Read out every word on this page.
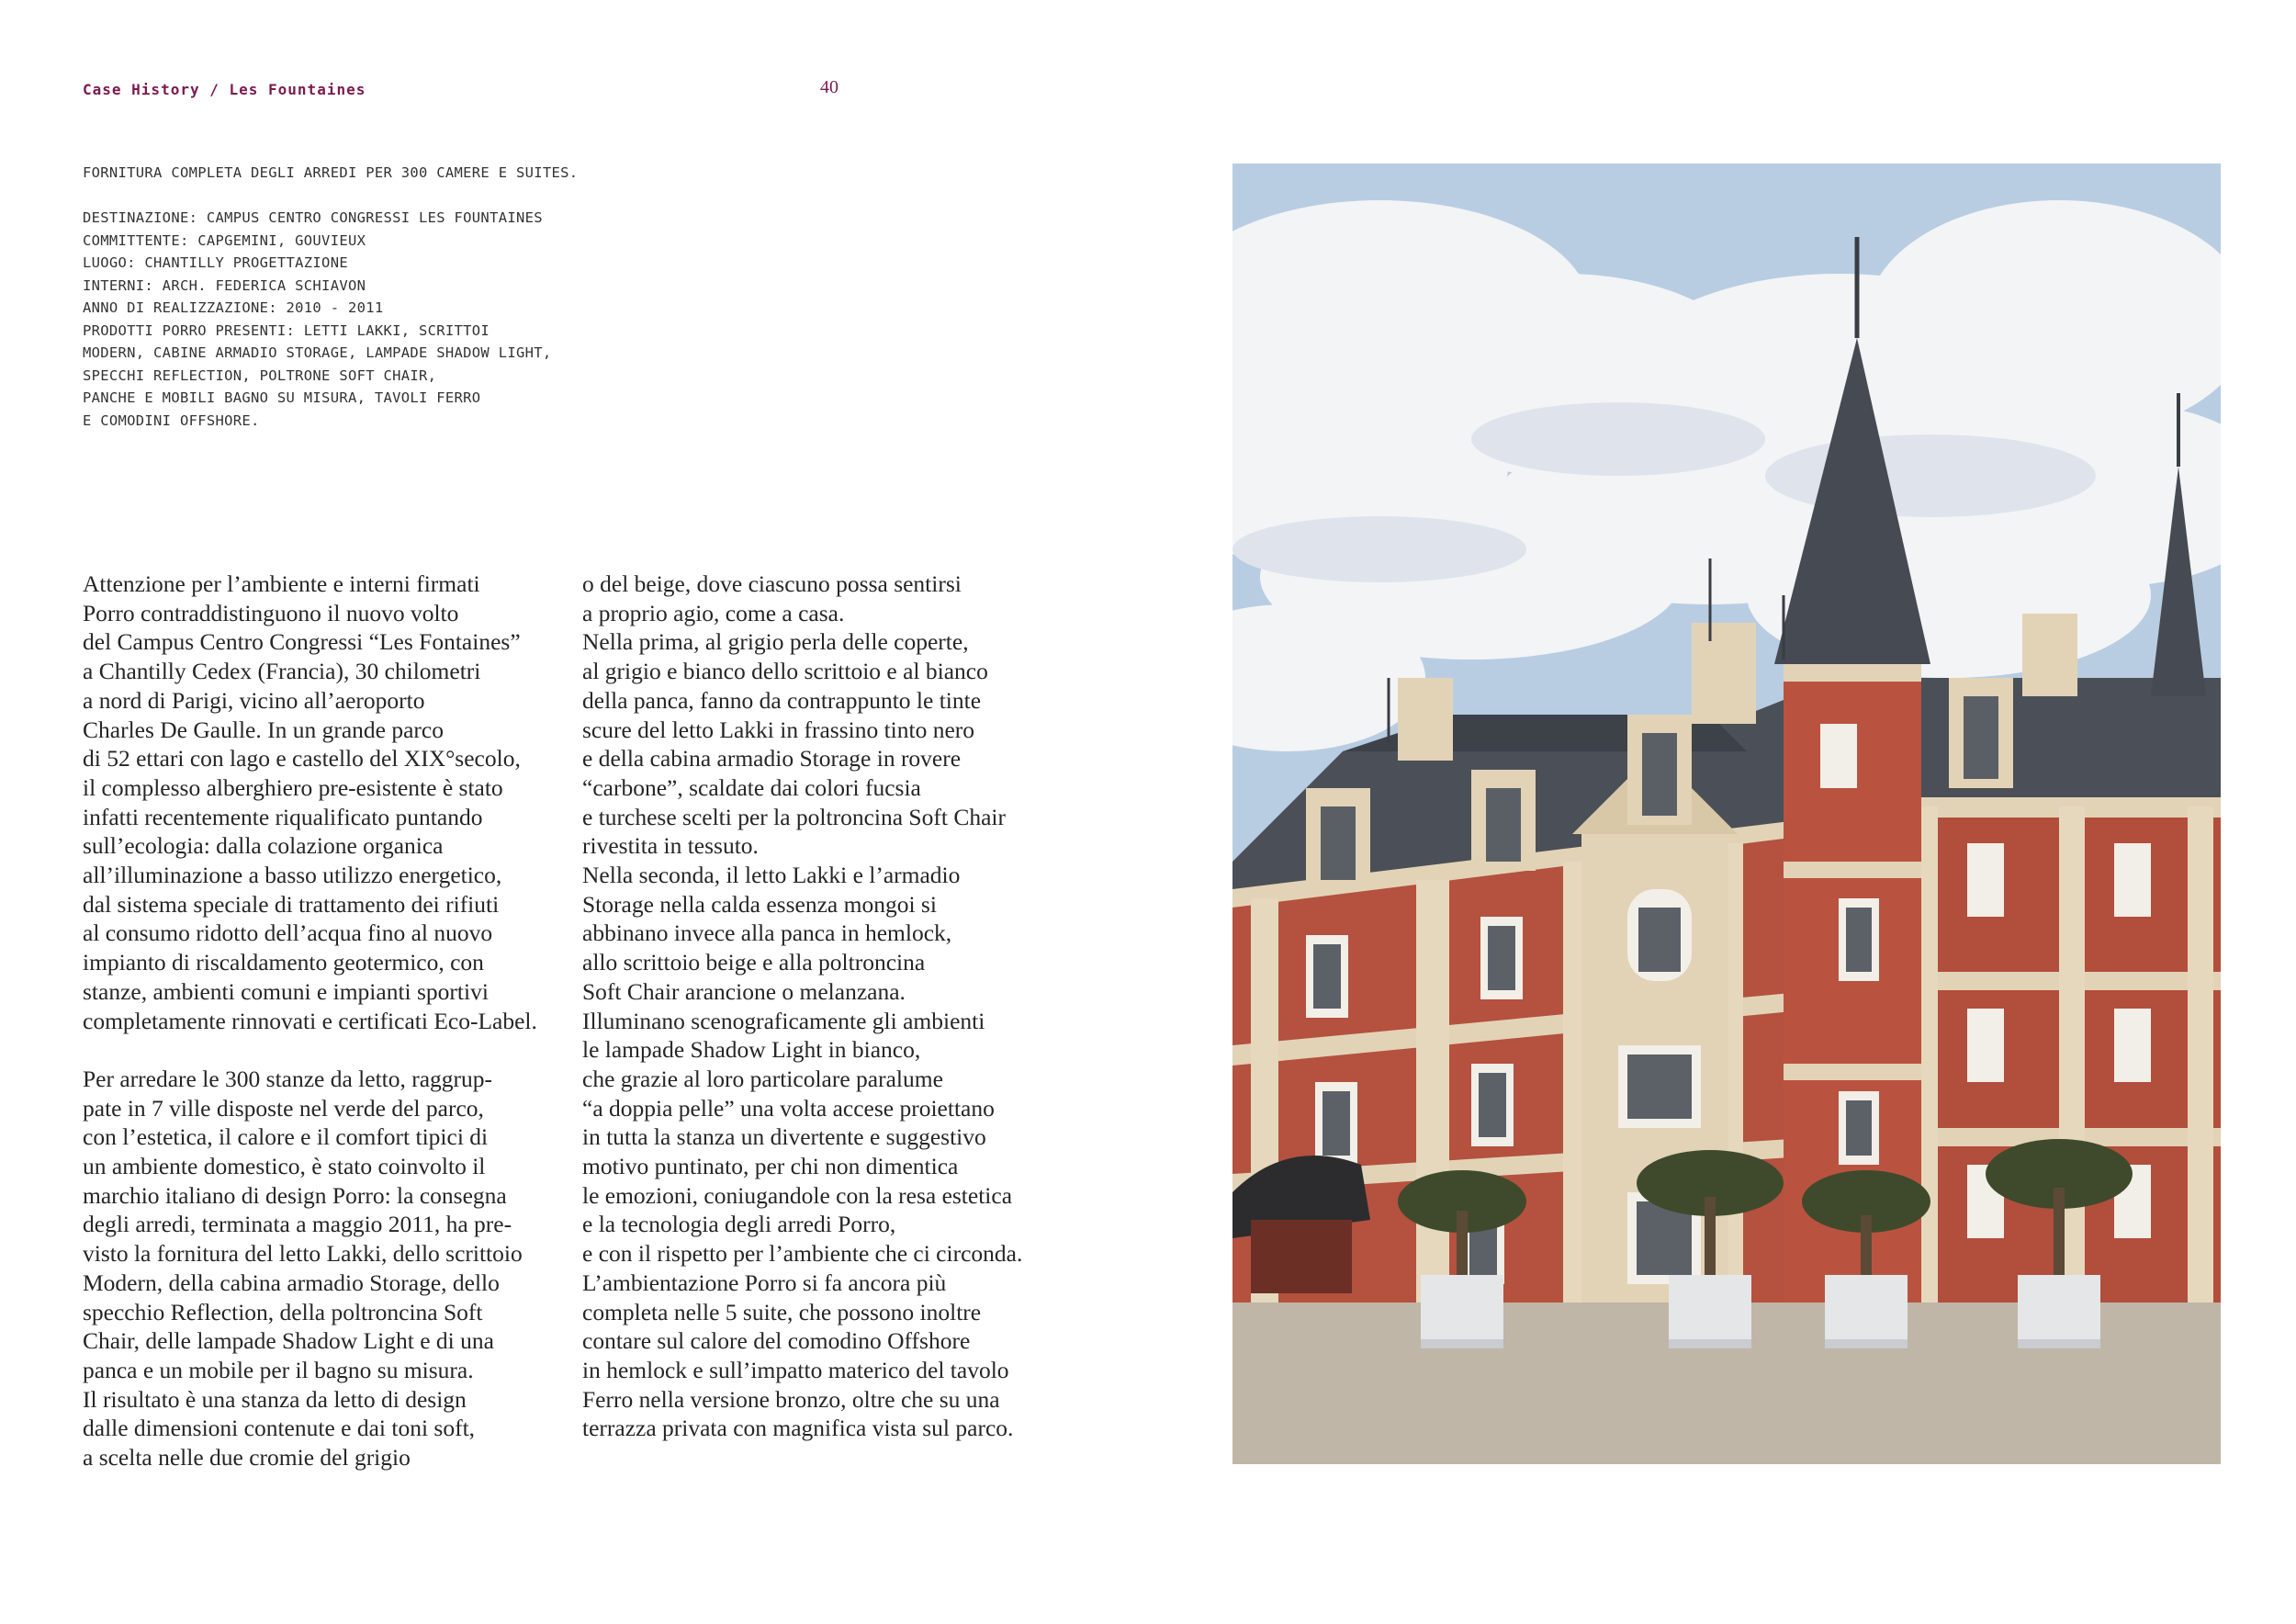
Case History / Les Fountaines	40
FORNITURA COMPLETA DEGLI ARREDI PER 300 CAMERE E SUITES.
DESTINAZIONE: CAMPUS CENTRO CONGRESSI LES FOUNTAINES
COMMITTENTE: CAPGEMINI, GOUVIEUX
LUOGO: CHANTILLY PROGETTAZIONE
INTERNI: ARCH. FEDERICA SCHIAVON
ANNO DI REALIZZAZIONE: 2010 - 2011
PRODOTTI PORRO PRESENTI: LETTI LAKKI, SCRITTOI
MODERN, CABINE ARMADIO STORAGE, LAMPADE SHADOW LIGHT,
SPECCHI REFLECTION, POLTRONE SOFT CHAIR,
PANCHE E MOBILI BAGNO SU MISURA, TAVOLI FERRO
E COMODINI OFFSHORE.
Attenzione per l’ambiente e interni firmati
Porro contraddistinguono il nuovo volto
del Campus Centro Congressi “Les Fontaines”
a Chantilly Cedex (Francia), 30 chilometri
a nord di Parigi, vicino all’aeroporto
Charles De Gaulle. In un grande parco
di 52 ettari con lago e castello del XIX°secolo,
il complesso alberghiero pre-esistente è stato
infatti recentemente riqualificato puntando
sull’ecologia: dalla colazione organica
all’illuminazione a basso utilizzo energetico,
dal sistema speciale di trattamento dei rifiuti
al consumo ridotto dell’acqua fino al nuovo
impianto di riscaldamento geotermico, con
stanze, ambienti comuni e impianti sportivi
completamente rinnovati e certificati Eco-Label.
Per arredare le 300 stanze da letto, raggrup-
pate in 7 ville disposte nel verde del parco,
con l’estetica, il calore e il comfort tipici di
un ambiente domestico, è stato coinvolto il
marchio italiano di design Porro: la consegna
degli arredi, terminata a maggio 2011, ha pre-
visto la fornitura del letto Lakki, dello scrittoio
Modern, della cabina armadio Storage, dello
specchio Reflection, della poltroncina Soft
Chair, delle lampade Shadow Light e di una
panca e un mobile per il bagno su misura.
Il risultato è una stanza da letto di design
dalle dimensioni contenute e dai toni soft,
a scelta nelle due cromie del grigio
o del beige, dove ciascuno possa sentirsi
a proprio agio, come a casa.
Nella prima, al grigio perla delle coperte,
al grigio e bianco dello scrittoio e al bianco
della panca, fanno da contrappunto le tinte
scure del letto Lakki in frassino tinto nero
e della cabina armadio Storage in rovere
“carbone”, scaldate dai colori fucsia
e turchese scelti per la poltroncina Soft Chair
rivestita in tessuto.
Nella seconda, il letto Lakki e l’armadio
Storage nella calda essenza mongoi si
abbinano invece alla panca in hemlock,
allo scrittoio beige e alla poltroncina
Soft Chair arancione o melanzana.
Illuminano scenograficamente gli ambienti
le lampade Shadow Light in bianco,
che grazie al loro particolare paralume
“a doppia pelle” una volta accese proiettano
in tutta la stanza un divertente e suggestivo
motivo puntinato, per chi non dimentica
le emozioni, coniugandole con la resa estetica
e la tecnologia degli arredi Porro,
e con il rispetto per l’ambiente che ci circonda.
L’ambientazione Porro si fa ancora più
completa nelle 5 suite, che possono inoltre
contare sul calore del comodino Offshore
in hemlock e sull’impatto materico del tavolo
Ferro nella versione bronzo, oltre che su una
terrazza privata con magnifica vista sul parco.
